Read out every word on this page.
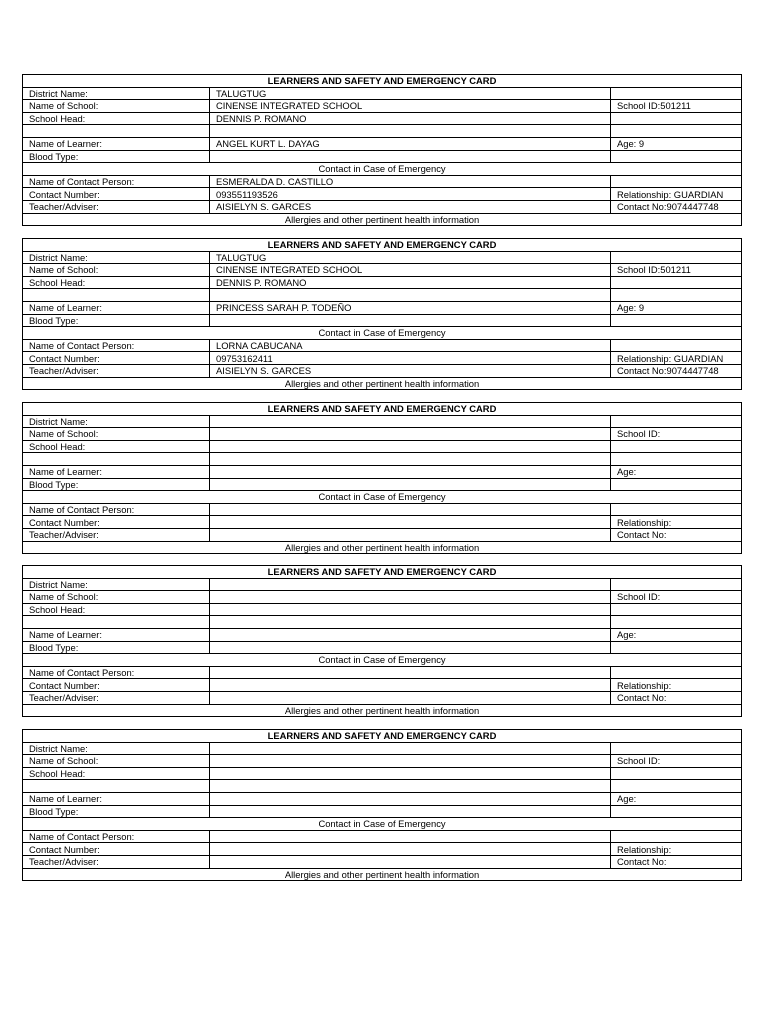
LEARNERS AND SAFETY AND EMERGENCY CARD		
District Name:	TALUGTUG	
Name of School:	CINENSE INTEGRATED SCHOOL	School ID:501211
School Head:	DENNIS P. ROMANO	

Name of Learner:	ANGEL KURT L. DAYAG	Age: 9
Blood Type:		
Contact in Case of Emergency		
Name of Contact Person:	ESMERALDA D. CASTILLO	
Contact Number:	093551193526	Relationship: GUARDIAN
Teacher/Adviser:	AISIELYN S. GARCES	Contact No:9074447748
Allergies and other pertinent health information		
LEARNERS AND SAFETY AND EMERGENCY CARD		
District Name:	TALUGTUG	
Name of School:	CINENSE INTEGRATED SCHOOL	School ID:501211
School Head:	DENNIS P. ROMANO	

Name of Learner:	PRINCESS SARAH P. TODEÑO	Age: 9
Blood Type:		
Contact in Case of Emergency		
Name of Contact Person:	LORNA CABUCANA	
Contact Number:	09753162411	Relationship: GUARDIAN
Teacher/Adviser:	AISIELYN S. GARCES	Contact No:9074447748
Allergies and other pertinent health information		
LEARNERS AND SAFETY AND EMERGENCY CARD		
District Name:		
Name of School:		School ID:
School Head:		

Name of Learner:		Age:
Blood Type:		
Contact in Case of Emergency		
Name of Contact Person:		
Contact Number:		Relationship:
Teacher/Adviser:		Contact No:
Allergies and other pertinent health information		
LEARNERS AND SAFETY AND EMERGENCY CARD		
District Name:		
Name of School:		School ID:
School Head:		

Name of Learner:		Age:
Blood Type:		
Contact in Case of Emergency		
Name of Contact Person:		
Contact Number:		Relationship:
Teacher/Adviser:		Contact No:
Allergies and other pertinent health information		
LEARNERS AND SAFETY AND EMERGENCY CARD		
District Name:		
Name of School:		School ID:
School Head:		

Name of Learner:		Age:
Blood Type:		
Contact in Case of Emergency		
Name of Contact Person:		
Contact Number:		Relationship:
Teacher/Adviser:		Contact No:
Allergies and other pertinent health information		
